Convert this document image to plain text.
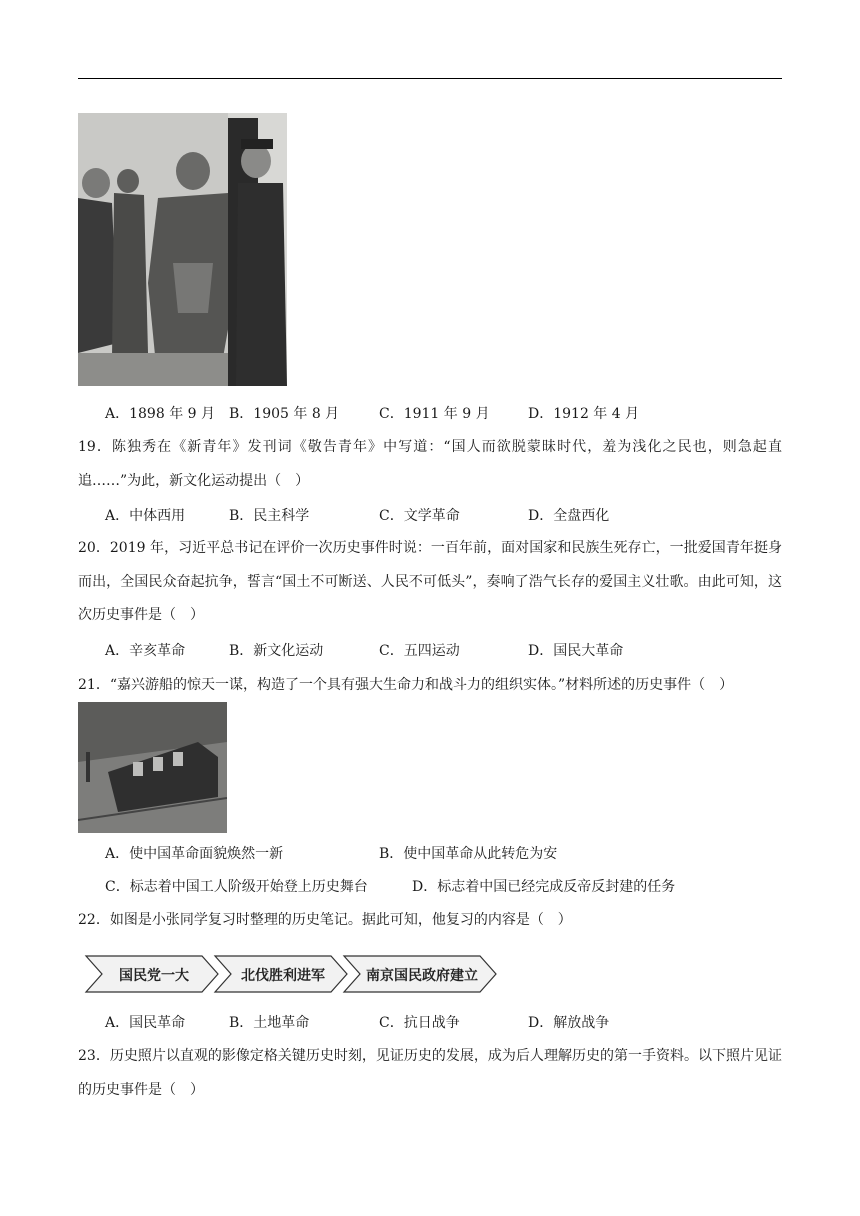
A．1898 年 9 月 B．1905 年 8 月	C．1911 年 9 月	D．1912 年 4 月
19．陈独秀在《新青年》发刊词《敬告青年》中写道：“国人而欲脱蒙昧时代，羞为浅化之民也，则急起直追……”为此，新文化运动提出（　）
A．中体西用	B．民主科学	C．文学革命	D．全盘西化
20．2019 年，习近平总书记在评价一次历史事件时说：一百年前，面对国家和民族生死存亡，一批爱国青年挺身而出，全国民众奋起抗争，誓言“国土不可断送、人民不可低头”，奏响了浩气长存的爱国主义壮歌。由此可知，这次历史事件是（　）
A．辛亥革命	B．新文化运动	C．五四运动	D．国民大革命
21．“嘉兴游船的惊天一谋，构造了一个具有强大生命力和战斗力的组织实体。”材料所述的历史事件（　）
A．使中国革命面貌焕然一新	B．使中国革命从此转危为安
C．标志着中国工人阶级开始登上历史舞台	D．标志着中国已经完成反帝反封建的任务
22．如图是小张同学复习时整理的历史笔记。据此可知，他复习的内容是（　）
国民党一大	北伐胜利进军	南京国民政府建立
A．国民革命	B．土地革命	C．抗日战争	D．解放战争
23．历史照片以直观的影像定格关键历史时刻，见证历史的发展，成为后人理解历史的第一手资料。以下照片见证的历史事件是（　）
